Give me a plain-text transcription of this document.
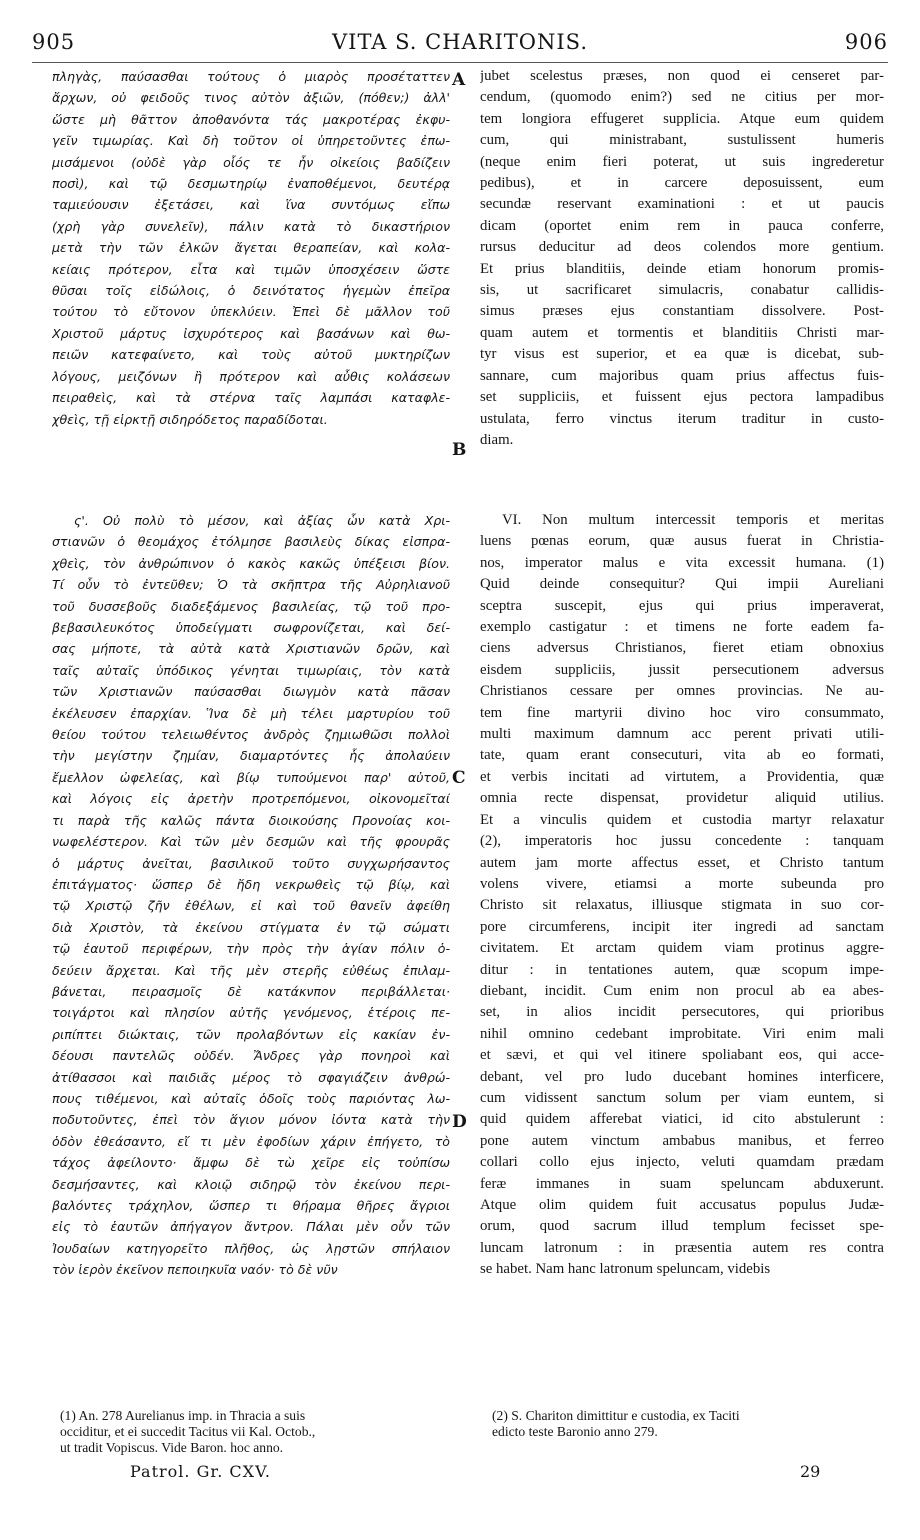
905	VITA S. CHARITONIS.	906
πληγὰς, παύσασθαι τούτους ὁ μιαρὸς προσέταττεν
ἄρχων, οὐ φειδοῦς τινος αὐτὸν ἀξιῶν, (πόθεν;) ἀλλ'
ὥστε μὴ θᾶττον ἀποθανόντα τάς μακροτέρας ἐκφυ-
γεῖν τιμωρίας. Καὶ δὴ τοῦτον οἱ ὑπηρετοῦντες ἐπω-
μισάμενοι (οὐδὲ γὰρ οἷός τε ἦν οἰκείοις βαδίζειν
ποσὶ), καὶ τῷ δεσμωτηρίῳ ἐναποθέμενοι, δευτέρᾳ
ταμιεύουσιν ἐξετάσει, καὶ ἵνα συντόμως εἴπω
(χρὴ γὰρ συνελεῖν), πάλιν κατὰ τὸ δικαστήριον
μετὰ τὴν τῶν ἑλκῶν ἄγεται θεραπείαν, καὶ κολα-
κείαις πρότερον, εἶτα καὶ τιμῶν ὑποσχέσειν ὥστε
θῦσαι τοῖς εἰδώλοις, ὁ δεινότατος ἡγεμὼν ἐπεῖρα
τούτου τὸ εὔτονον ὑπεκλύειν. Ἐπεὶ δὲ μᾶλλον τοῦ
Χριστοῦ μάρτυς ἰσχυρότερος καὶ βασάνων καὶ θω-
πειῶν κατεφαίνετο, καὶ τοὺς αὐτοῦ μυκτηρίζων
λόγους, μειζόνων ἢ πρότερον καὶ αὖθις κολάσεων
πειραθεὶς, καὶ τὰ στέρνα ταῖς λαμπάσι καταφλε-
χθεὶς, τῇ εἱρκτῇ σιδηρόδετος παραδίδοται.
ς'. Οὐ πολὺ τὸ μέσον, καὶ ἀξίας ὧν κατὰ Χρι-
στιανῶν ὁ θεομάχος ἐτόλμησε βασιλεὺς δίκας εἰσπρα-
χθεὶς, τὸν ἀνθρώπινον ὁ κακὸς κακῶς ὑπέξεισι βίον.
Τί οὖν τὸ ἐντεῦθεν; Ὁ τὰ σκῆπτρα τῆς Αὐρηλιανοῦ
τοῦ δυσσεβοῦς διαδεξάμενος βασιλείας, τῷ τοῦ προ-
βεβασιλευκότος ὑποδείγματι σωφρονίζεται, καὶ δεί-
σας μήποτε, τὰ αὐτὰ κατὰ Χριστιανῶν δρῶν, καὶ
ταῖς αὐταῖς ὑπόδικος γένηται τιμωρίαις, τὸν κατὰ
τῶν Χριστιανῶν παύσασθαι διωγμὸν κατὰ πᾶσαν
ἐκέλευσεν ἐπαρχίαν. Ἵνα δὲ μὴ τέλει μαρτυρίου τοῦ
θείου τούτου τελειωθέντος ἀνδρὸς ζημιωθῶσι πολλοὶ
τὴν μεγίστην ζημίαν, διαμαρτόντες ἧς ἀπολαύειν
ἔμελλον ὠφελείας, καὶ βίῳ τυπούμενοι παρ' αὐτοῦ,
καὶ λόγοις εἰς ἀρετὴν προτρεπόμενοι, οἰκονομεῖταί
τι παρὰ τῆς καλῶς πάντα διοικούσης Προνοίας κοι-
νωφελέστερον. Καὶ τῶν μὲν δεσμῶν καὶ τῆς φρουρᾶς
ὁ μάρτυς ἀνεῖται, βασιλικοῦ τοῦτο συγχωρήσαντος
ἐπιτάγματος· ὥσπερ δὲ ἤδη νεκρωθεὶς τῷ βίῳ, καὶ
τῷ Χριστῷ ζῆν ἐθέλων, εἰ καὶ τοῦ θανεῖν ἀφείθη
διὰ Χριστὸν, τὰ ἐκείνου στίγματα ἐν τῷ σώματι
τῷ ἑαυτοῦ περιφέρων, τὴν πρὸς τὴν ἁγίαν πόλιν ὁ-
δεύειν ἄρχεται. Καὶ τῆς μὲν στερῆς εὐθέως ἐπιλαμ-
βάνεται, πειρασμοῖς δὲ κατάκνπον περιβάλλεται·
τοιγάρτοι καὶ πλησίον αὐτῆς γενόμενος, ἑτέροις πε-
ριπίπτει διώκταις, τῶν προλαβόντων εἰς κακίαν ἐν-
δέουσι παντελῶς οὐδέν. Ἄνδρες γὰρ πονηροὶ καὶ
ἀτίθασσοι καὶ παιδιᾶς μέρος τὸ σφαγιάζειν ἀνθρώ-
πους τιθέμενοι, καὶ αὐταῖς ὁδοῖς τοὺς παριόντας λω-
ποδυτοῦντες, ἐπεὶ τὸν ἅγιον μόνον ἰόντα κατὰ τὴν
ὁδὸν ἐθεάσαντο, εἴ τι μὲν ἐφοδίων χάριν ἐπήγετο, τὸ
τάχος ἀφείλοντο· ἄμφω δὲ τὼ χεῖρε εἰς τοὐπίσω
δεσμήσαντες, καὶ κλοιῷ σιδηρῷ τὸν ἐκείνου περι-
βαλόντες τράχηλον, ὥσπερ τι θήραμα θῆρες ἄγριοι
εἰς τὸ ἑαυτῶν ἀπήγαγον ἄντρον. Πάλαι μὲν οὖν τῶν
Ἰουδαίων κατηγορεῖτο πλῆθος, ὡς λῃστῶν σπήλαιον
τὸν ἱερὸν ἐκεῖνον πεποιηκυῖα ναόν· τὸ δὲ νῦν
jubet scelestus præses, non quod ei censeret par-
cendum, (quomodo enim?) sed ne citius per mor-
tem longiora effugeret supplicia. Atque eum quidem
cum, qui ministrabant, sustulissent humeris
(neque enim fieri poterat, ut suis ingrederetur
pedibus), et in carcere deposuissent, eum
secundæ reservant examinationi : et ut paucis
dicam (oportet enim rem in pauca conferre,
rursus deducitur ad deos colendos more gentium.
Et prius blanditiis, deinde etiam honorum promis-
sis, ut sacrificaret simulacris, conabatur callidis-
simus præses ejus constantiam dissolvere. Post-
quam autem et tormentis et blanditiis Christi mar-
tyr visus est superior, et ea quæ is dicebat, sub-
sannare, cum majoribus quam prius affectus fuis-
set suppliciis, et fuissent ejus pectora lampadibus
ustulata, ferro vinctus iterum traditur in custo-
diam.
VI. Non multum intercessit temporis et meritas
luens pœnas eorum, quæ ausus fuerat in Christia-
nos, imperator malus e vita excessit humana. (1)
Quid deinde consequitur? Qui impii Aureliani
sceptra suscepit, ejus qui prius imperaverat,
exemplo castigatur : et timens ne forte eadem fa-
ciens adversus Christianos, fieret etiam obnoxius
eisdem suppliciis, jussit persecutionem adversus
Christianos cessare per omnes provincias. Ne au-
tem fine martyrii divino hoc viro consummato,
multi maximum damnum acc perent privati utili-
tate, quam erant consecuturi, vita ab eo formati,
et verbis incitati ad virtutem, a Providentia, quæ
omnia recte dispensat, providetur aliquid utilius.
Et a vinculis quidem et custodia martyr relaxatur
(2), imperatoris hoc jussu concedente : tanquam
autem jam morte affectus esset, et Christo tantum
volens vivere, etiamsi a morte subeunda pro
Christo sit relaxatus, illiusque stigmata in suo cor-
pore circumferens, incipit iter ingredi ad sanctam
civitatem. Et arctam quidem viam protinus aggre-
ditur : in tentationes autem, quæ scopum impe-
diebant, incidit. Cum enim non procul ab ea abes-
set, in alios incidit persecutores, qui prioribus
nihil omnino cedebant improbitate. Viri enim mali
et sævi, et qui vel itinere spoliabant eos, qui acce-
debant, vel pro ludo ducebant homines interficere,
cum vidissent sanctum solum per viam euntem, si
quid quidem afferebat viatici, id cito abstulerunt :
pone autem vinctum ambabus manibus, et ferreo
collari collo ejus injecto, veluti quamdam prædam
feræ immanes in suam speluncam abduxerunt.
Atque olim quidem fuit accusatus populus Judæ-
orum, quod sacrum illud templum fecisset spe-
luncam latronum : in præsentia autem res contra
se habet. Nam hanc latronum speluncam, videbis
A
B
C
D
(1) An. 278 Aurelianus imp. in Thracia a suis
occiditur, et ei succedit Tacitus vii Kal. Octob.,
ut tradit Vopiscus. Vide Baron. hoc anno.
(2) S. Chariton dimittitur e custodia, ex Taciti
edicto teste Baronio anno 279.
Patrol. Gr. CXV.	29
